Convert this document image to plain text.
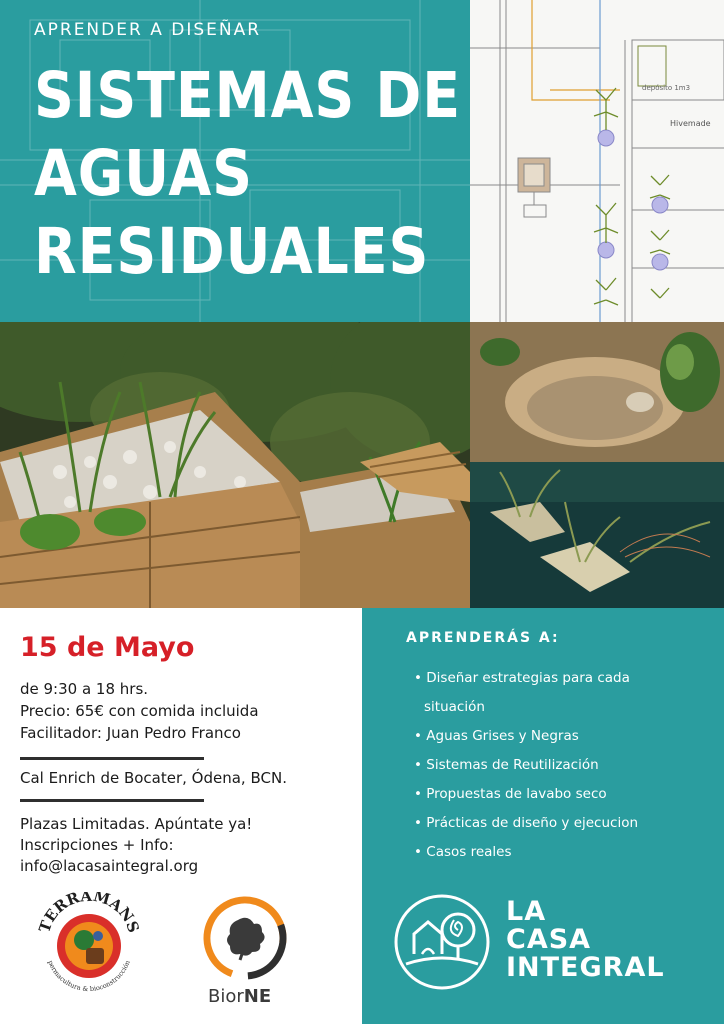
APRENDER A DISEÑAR
SISTEMAS DE
AGUAS
RESIDUALES
depósito 1m3
Hivemade
15 de Mayo
de 9:30 a 18 hrs.
Precio: 65€ con comida incluida
Facilitador: Juan Pedro Franco
Cal Enrich de Bocater, Ódena, BCN.
Plazas Limitadas. Apúntate ya!
Inscripciones + Info:
info@lacasaintegral.org
TERRAMANS
permacultura & bioconstrucción
BiorNE
APRENDERÁS A:
• Diseñar estrategias para cada
situación
• Aguas Grises y Negras
• Sistemas de Reutilización
• Propuestas de lavabo seco
• Prácticas de diseño y ejecucion
• Casos reales
LA
CASA
INTEGRAL
